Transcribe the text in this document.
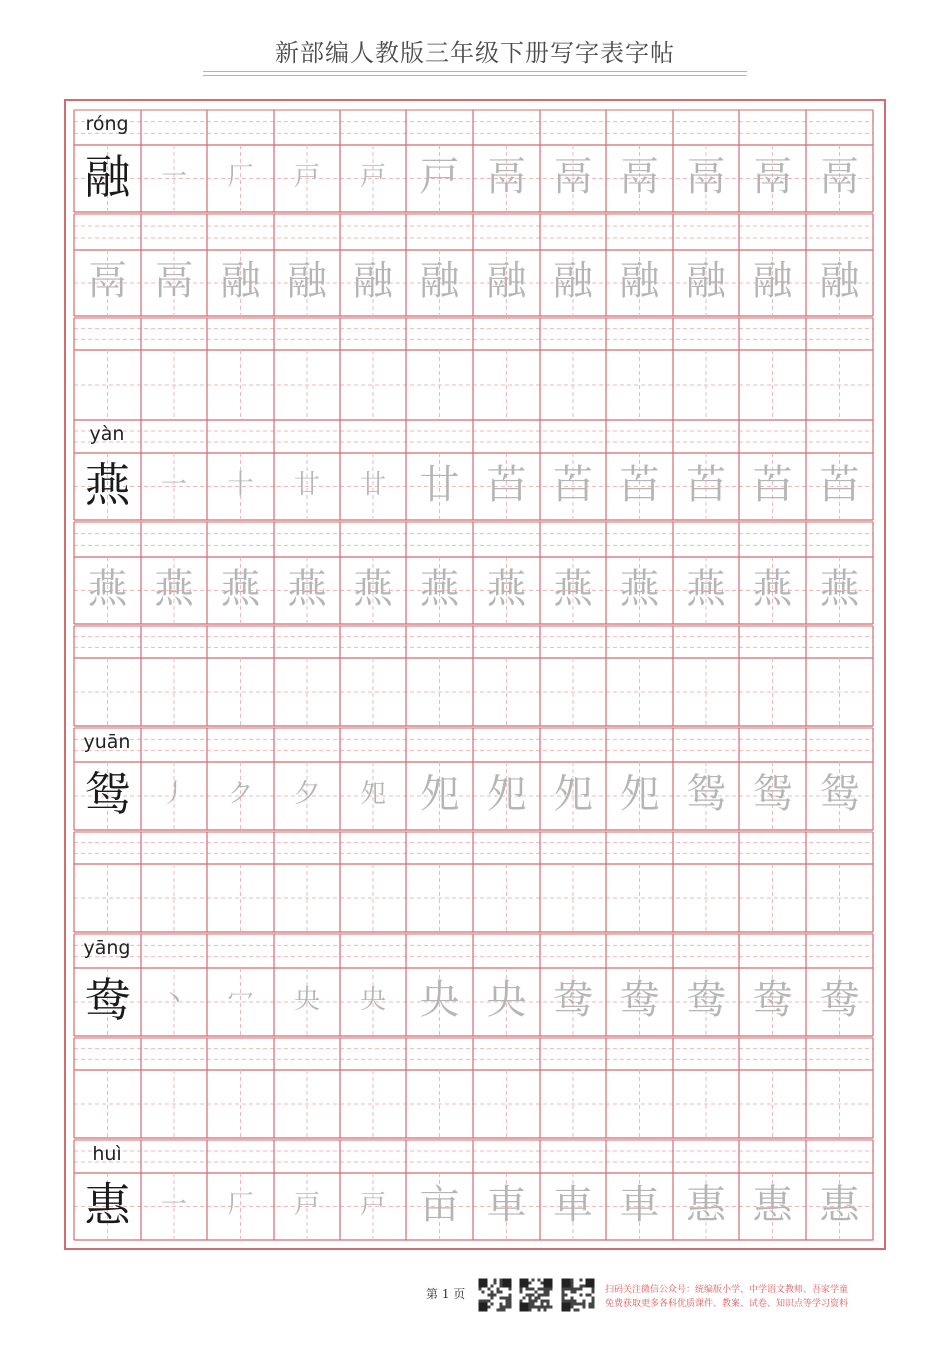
新部编人教版三年级下册写字表字帖
róng
融	一	厂	戸	戸 戸 鬲 鬲 鬲 鬲 鬲 鬲
鬲 鬲 融 融 融 融 融 融 融 融 融 融
yàn
燕	一	十	廿	廿 廿 苩 苩 苩 苩 苩 苩
燕 燕 燕 燕 燕 燕 燕 燕 燕 燕 燕 燕
yuān
鸳	丿	ク	夕	夗 夗 夗 夗 夗 鸳 鸳 鸳
yāng
鸯	丶	冖	央	央 央 央 鸯 鸯 鸯 鸯 鸯
huì
惠	一	厂	戸	戸 亩 車 車 車 惠 惠 惠
第 1 页	扫码关注微信公众号：统编版小学、中学语文教师、吾家学童
免费获取更多各科优质课件、教案、试卷、知识点等学习资料
